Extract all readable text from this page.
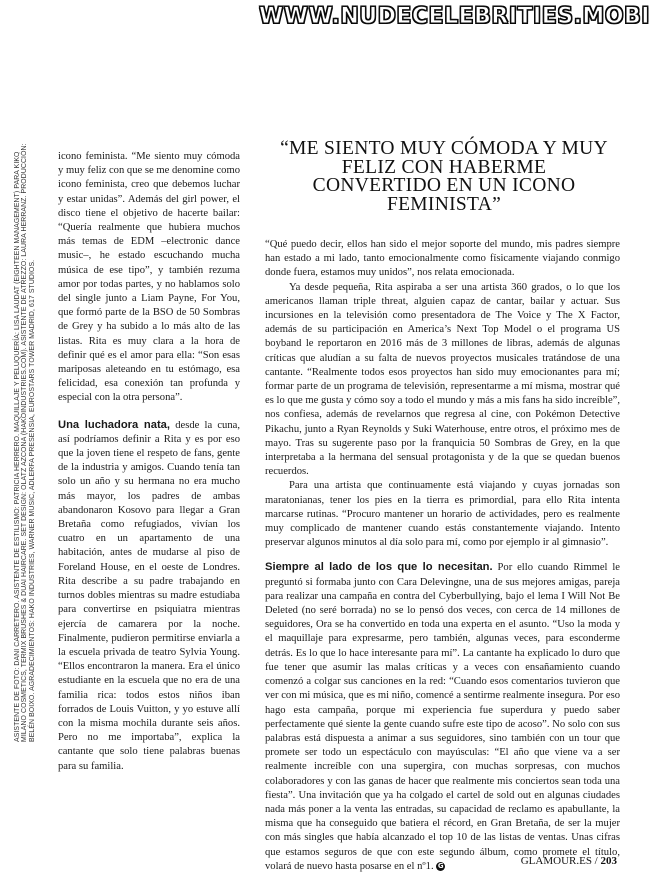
WWW.NUDECELEBRITIES.MOBI
ASISTENTE DE FOTO: DANI CARRETERO. ASISTENTE DE ESTILISMO: PATRICIA HERRERO. MAQUILLAJE Y PELUQUERÍA: LISA LAUDAT (EIGHTEEN MANAGEMENT) PARA KIKO MILANO COSMETICS, TERMIX BRUSHES & DUAI HAIRCARE. SET DESIGN: OLATZ AZCONA (HAKOINDUSTRIES.COM). ASISTENTE DE ATREZZO: LAURA HERRANZ. PRODUCCIÓN: BELÉN BOIXO. AGRADECIMIENTOS: HAKO INDUSTRIES, WARNER MUSIC, ADLERFA PRESENSIA, EUROSTARS TOWER MADRID, 617 STUDIOS.

icono feminista. “Me siento muy cómoda y muy feliz con que se me denomine como icono feminista, creo que debemos luchar y estar unidas”. Además del girl power, el disco tiene el objetivo de hacerte bailar: “Quería realmente que hubiera muchos más temas de EDM –electronic dance music–, he estado escuchando mucha música de ese tipo”, y también rezuma amor por todas partes, y no hablamos solo del single junto a Liam Payne, For You, que formó parte de la BSO de 50 Sombras de Grey y ha subido a lo más alto de las listas. Rita es muy clara a la hora de definir qué es el amor para ella: “Son esas mariposas aleteando en tu estómago, esa felicidad, esa conexión tan profunda y especial con la otra persona”.

Una luchadora nata, desde la cuna, así podríamos definir a Rita y es por eso que la joven tiene el respeto de fans, gente de la industria y amigos. Cuando tenía tan solo un año y su hermana no era mucho más mayor, los padres de ambas abandonaron Kosovo para llegar a Gran Bretaña como refugiados, vivían los cuatro en un apartamento de una habitación, antes de mudarse al piso de Foreland House, en el oeste de Londres. Rita describe a su padre trabajando en turnos dobles mientras su madre estudiaba para convertirse en psiquiatra mientras ejercía de camarera por la noche. Finalmente, pudieron permitirse enviarla a la escuela privada de teatro Sylvia Young. “Ellos encontraron la manera. Era el único estudiante en la escuela que no era de una familia rica: todos estos niños iban forrados de Louis Vuitton, y yo estuve allí con la misma mochila durante seis años. Pero no me importaba”, explica la cantante que solo tiene palabras buenas para su familia.

“ME SIENTO MUY CÓMODA Y MUY FELIZ CON HABERME CONVERTIDO EN UN ICONO FEMINISTA”

“Qué puedo decir, ellos han sido el mejor soporte del mundo, mis padres siempre han estado a mi lado, tanto emocionalmente como físicamente viajando conmigo donde fuera, estamos muy unidos”, nos relata emocionada.

Ya desde pequeña, Rita aspiraba a ser una artista 360 grados, o lo que los americanos llaman triple threat, alguien capaz de cantar, bailar y actuar. Sus incursiones en la televisión como presentadora de The Voice y The X Factor, además de su participación en America’s Next Top Model o el programa US boyband le reportaron en 2016 más de 3 millones de libras, además de algunas críticas que aludían a su falta de nuevos proyectos musicales tratándose de una cantante. “Realmente todos esos proyectos han sido muy emocionantes para mí; formar parte de un programa de televisión, representarme a mí misma, mostrar qué es lo que me gusta y cómo soy a todo el mundo y más a mis fans ha sido increíble”, nos confiesa, además de revelarnos que regresa al cine, con Pokémon Detective Pikachu, junto a Ryan Reynolds y Suki Waterhouse, entre otros, el próximo mes de mayo. Tras su sugerente paso por la franquicia 50 Sombras de Grey, en la que interpretaba a la hermana del sensual protagonista y de la que se quedan buenos recuerdos.

Para una artista que continuamente está viajando y cuyas jornadas son maratonianas, tener los pies en la tierra es primordial, para ello Rita intenta marcarse rutinas. “Procuro mantener un horario de actividades, pero es realmente muy complicado de mantener cuando estás constantemente viajando. Intento preservar algunos minutos al día solo para mí, como por ejemplo ir al gimnasio”.

Siempre al lado de los que lo necesitan. Por ello cuando Rimmel le preguntó si formaba junto con Cara Delevingne, una de sus mejores amigas, pareja para realizar una campaña en contra del Cyberbullying, bajo el lema I Will Not Be Deleted (no seré borrada) no se lo pensó dos veces, con cerca de 14 millones de seguidores, Ora se ha convertido en toda una experta en el asunto. “Uso la moda y el maquillaje para expresarme, pero también, algunas veces, para esconderme detrás. Es lo que lo hace interesante para mí”. La cantante ha explicado lo duro que fue tener que asumir las malas críticas y a veces con ensañamiento cuando comenzó a colgar sus canciones en la red: “Cuando esos comentarios tuvieron que ver con mi música, que es mi niño, comencé a sentirme realmente insegura. Por eso hago esta campaña, porque mi experiencia fue superdura y puedo saber perfectamente qué siente la gente cuando sufre este tipo de acoso”. No solo con sus palabras está dispuesta a animar a sus seguidores, sino también con un tour que promete ser todo un espectáculo con mayúsculas: “El año que viene va a ser realmente increíble con una supergira, con muchas sorpresas, con muchos colaboradores y con las ganas de hacer que realmente mis conciertos sean toda una fiesta”. Una invitación que ya ha colgado el cartel de sold out en algunas ciudades nada más poner a la venta las entradas, su capacidad de reclamo es apabullante, la misma que ha conseguido que batiera el récord, en Gran Bretaña, de ser la mujer con más singles que había alcanzado el top 10 de las listas de ventas. Unas cifras que estamos seguros de que con este segundo álbum, como promete el título, volará de nuevo hasta posarse en el nº1. G	GLAMOUR.ES / 203
